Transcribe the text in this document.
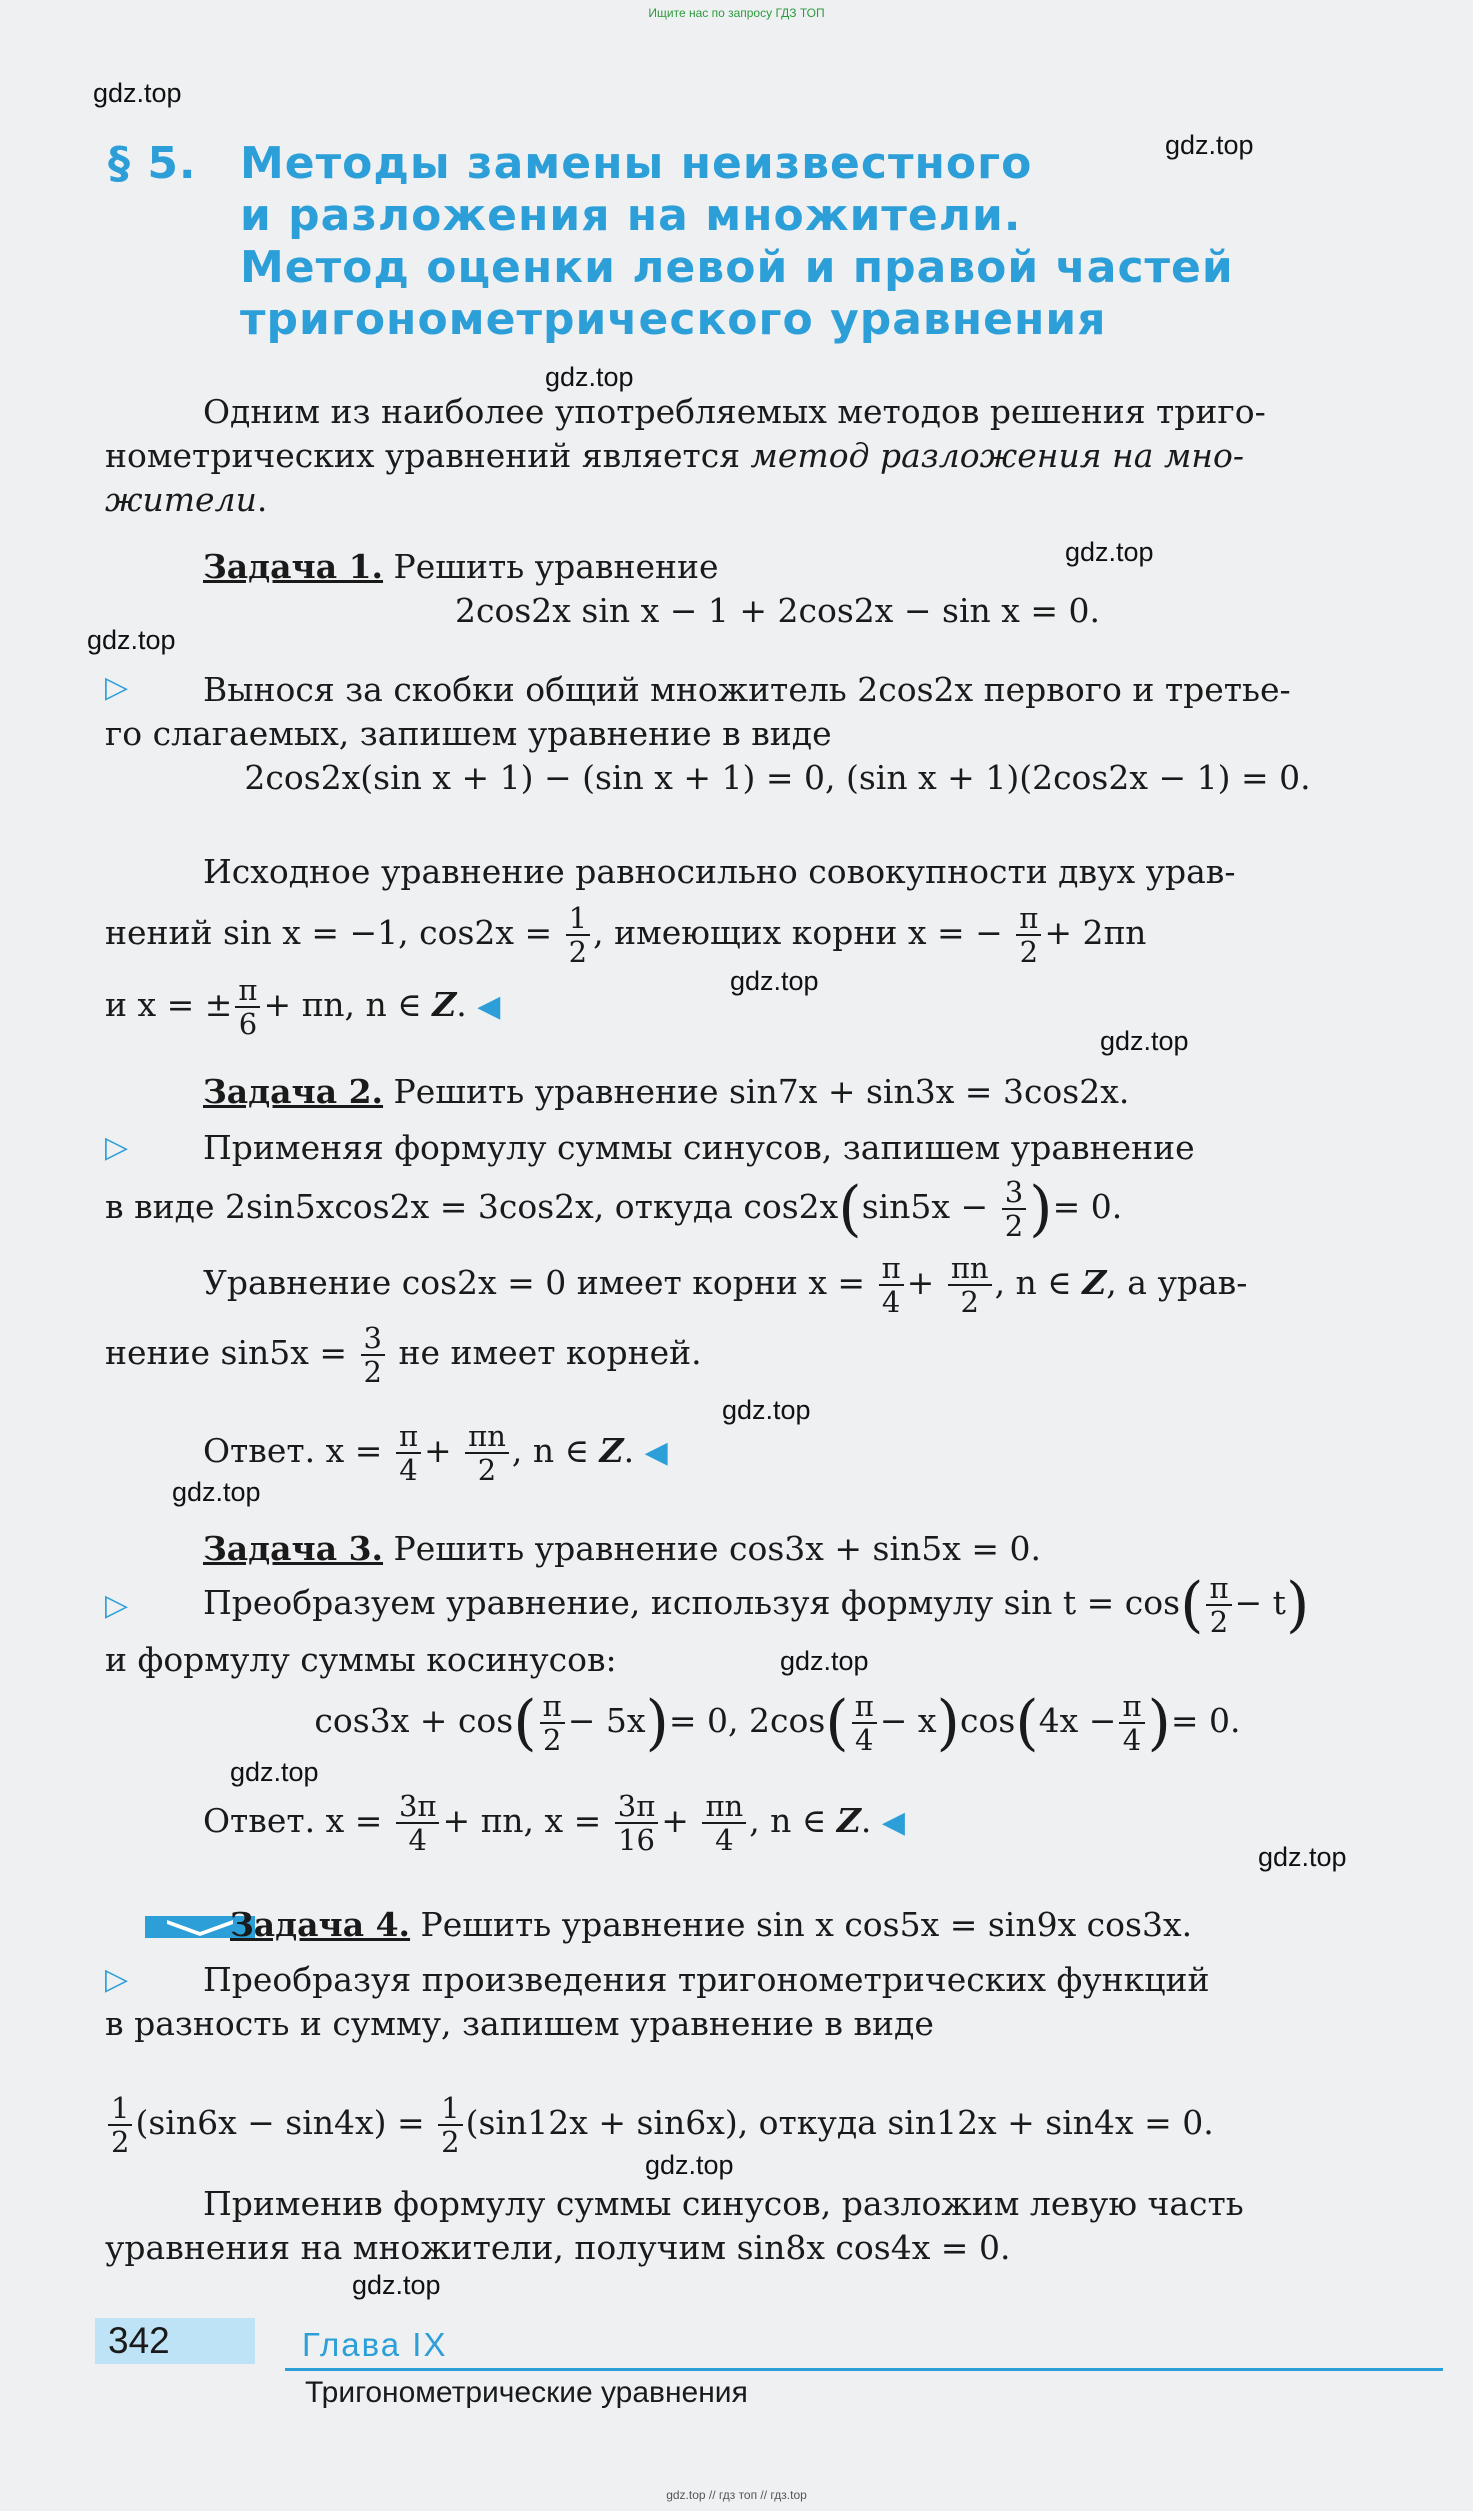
Ищите нас по запросу ГДЗ ТОП
gdz.top
gdz.top
gdz.top
gdz.top
gdz.top
gdz.top
gdz.top
gdz.top
gdz.top
gdz.top
gdz.top
gdz.top
gdz.top
gdz.top
§ 5. Методы замены неизвестного
и разложения на множители.
Метод оценки левой и правой частей
тригонометрического уравнения
Одним из наиболее употребляемых методов решения триго-
нометрических уравнений является метод разложения на мно-
жители.
Задача 1. Решить уравнение
2cos2x sin x − 1 + 2cos2x − sin x = 0.
▷	Вынося за скобки общий множитель 2cos2x первого и третье-
го слагаемых, запишем уравнение в виде
2cos2x(sin x + 1) − (sin x + 1) = 0, (sin x + 1)(2cos2x − 1) = 0.
Исходное уравнение равносильно совокупности двух урав-
нений sin x = −1, $\cos 2x = \frac{1}{2}$ , имеющих корни x = − $\frac{\pi}{2} + 2\pi n$
и x = ± $\frac{\pi}{6} + \pi n$, n ∈ Z. ◀
Задача 2. Решить уравнение sin7x + sin3x = 3cos2x.
▷	Применяя формулу суммы синусов, запишем уравнение
в виде 2sin5xcos2x = 3cos2x, откуда $\cos 2x(\sin 5x - \frac{3}{2}$ )= 0.
Уравнение cos2x = 0 имеет корни $x = \frac{\pi}{4} + \frac{\pi n}{2}$ , n ∈ Z, а урав-
нение $\sin 5x = \frac{3}{2}$ не имеет корней.
Ответ. $x = \frac{\pi}{4} + \frac{\pi n}{2}$ , n ∈ Z. ◀
Задача 3. Решить уравнение cos3x + sin5x = 0.
▷	Преобразуем уравнение, используя формулу $\sin t = \cos( \frac{\pi}{2} - t)$
и формулу суммы косинусов:
$\cos 3x + \cos( \frac{\pi}{2} - 5x)= 0$, $2\cos( \frac{\pi}{4} - x)\cos(4x - \frac{\pi}{4}$ )= 0.
Ответ. $x = \frac{3\pi}{4} + \pi n$, $x = \frac{3\pi}{16} + \frac{\pi n}{4}$ , n ∈ Z. ◀
Задача 4. Решить уравнение sin x cos5x = sin9x cos3x.
▷	Преобразуя произведения тригонометрических функций
в разность и сумму, запишем уравнение в виде
$\frac{1}{2} (\sin 6x - \sin 4x) = \frac{1}{2} (\sin 12x + \sin 6x)$, откуда sin12x + sin4x = 0.
Применив формулу суммы синусов, разложим левую часть
уравнения на множители, получим sin8x cos4x = 0.
342	Глава IX
Тригонометрические уравнения
gdz.top // гдз топ // гдз.top
